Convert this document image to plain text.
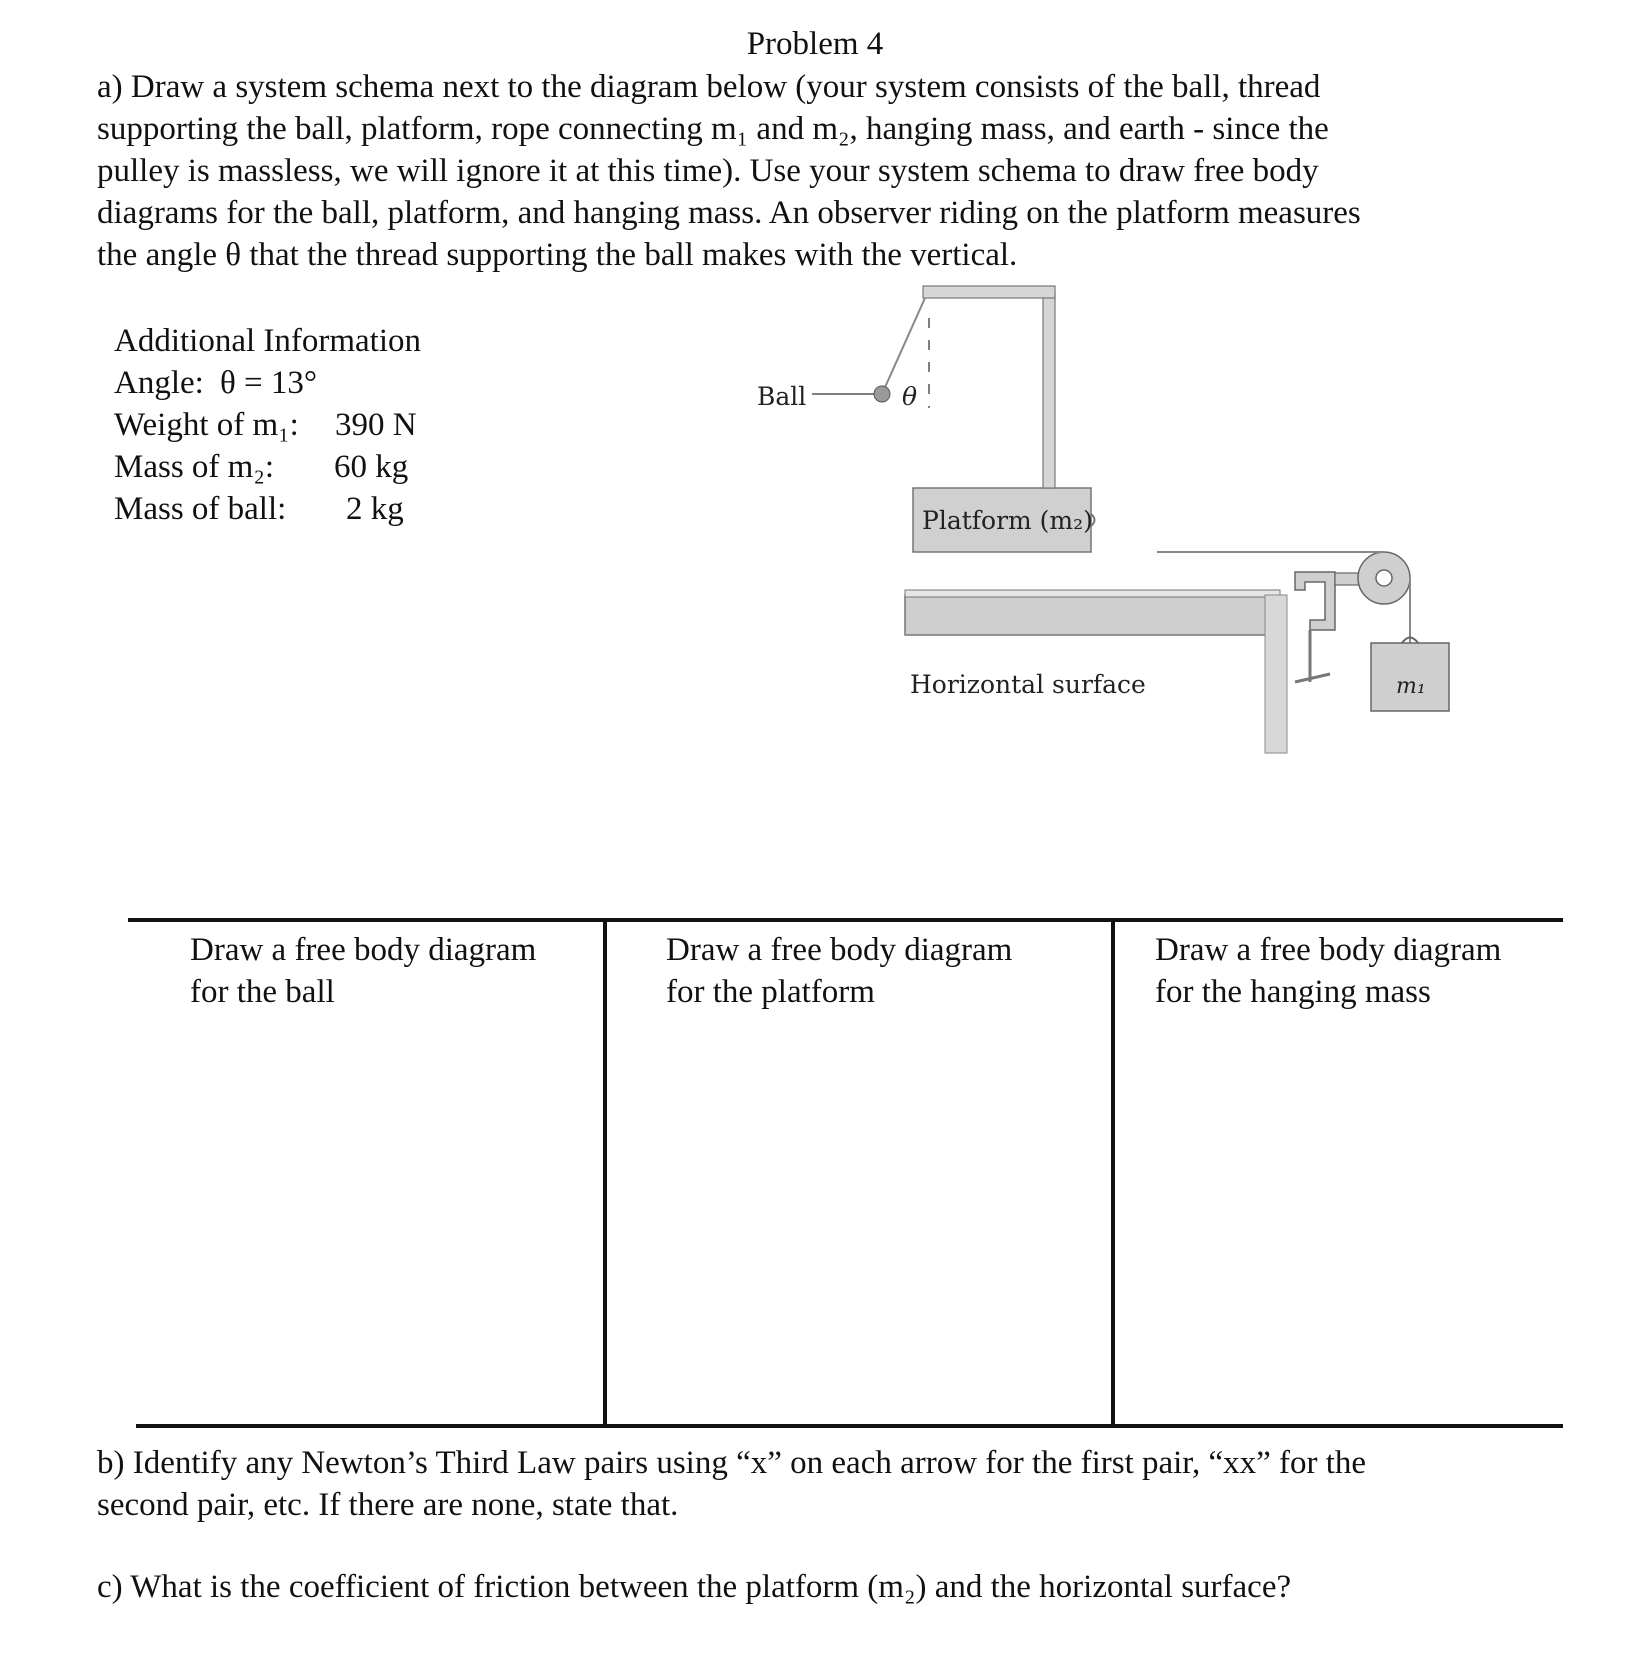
Problem 4
a) Draw a system schema next to the diagram below (your system consists of the ball, thread
supporting the ball, platform, rope connecting m₁ and m₂, hanging mass, and earth - since the
pulley is massless, we will ignore it at this time). Use your system schema to draw free body
diagrams for the ball, platform, and hanging mass. An observer riding on the platform measures
the angle θ that the thread supporting the ball makes with the vertical.
Additional Information
Angle: θ = 13°
Weight of m₁: 390 N
Mass of m₂: 60 kg
Mass of ball: 2 kg
Ball	θ
Platform (m₂)
Horizontal surface	m₁
Draw a free body diagram
for the ball
Draw a free body diagram
for the platform
Draw a free body diagram
for the hanging mass
b) Identify any Newton’s Third Law pairs using “x” on each arrow for the first pair, “xx” for the
second pair, etc. If there are none, state that.
c) What is the coefficient of friction between the platform (m₂) and the horizontal surface?
